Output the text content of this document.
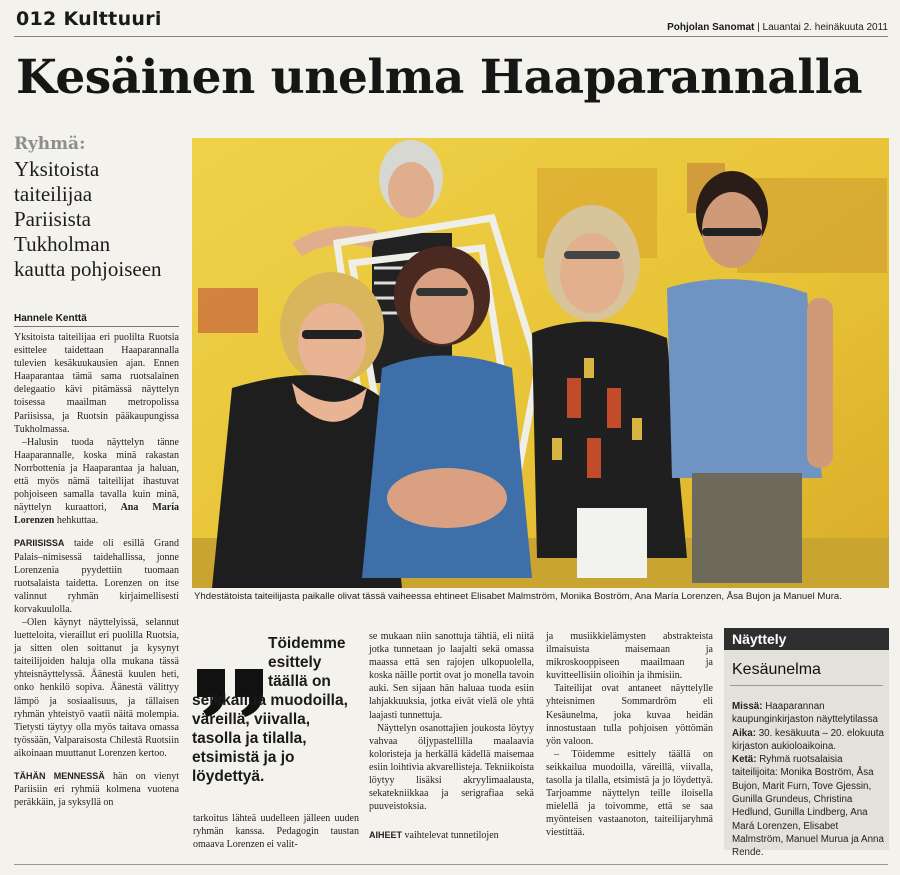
012 Kulttuuri	Pohjolan Sanomat | Lauantai 2. heinäkuuta 2011
Kesäinen unelma Haaparannalla
Ryhmä:
Yksitoista
taiteilijaa
Pariisista
Tukholman
kautta pohjoiseen
Hannele Kenttä

Yksitoista taiteilijaa eri puolilta Ruotsia esittelee taidettaan Haaparannalla tulevien kesäkuukausien ajan. Ennen Haaparantaa tämä sama ruotsalainen delegaatio kävi pitämässä näyttelyn toisessa maailman metropolissa Pariisissa, ja Ruotsin pääkaupungissa Tukholmassa.

–Halusin tuoda näyttelyn tänne Haaparannalle, koska minä rakastan Norrbottenia ja Haaparantaa ja haluan, että myös nämä taiteilijat ihastuvat pohjoiseen samalla tavalla kuin minä, näyttelyn kuraattori, Ana María Lorenzen hehkuttaa.

PARIISISSA taide oli esillä Grand Palais–nimisessä taidehallissa, jonne Lorenzenia pyydettiin tuomaan ruotsalaista taidetta. Lorenzen on itse valinnut ryhmän kirjaimellisesti korvakuulolla.

–Olen käynyt näyttelyissä, selannut luetteloita, vieraillut eri puolilla Ruotsia, ja sitten olen soittanut ja kysynyt taiteilijoiden haluja olla mukana tässä yhteisnäyttelyssä. Äänestä kuulen heti, onko henkilö sopiva. Äänestä välittyy lämpö ja sosiaalisuus, ja tällaisen ryhmän yhteistyö vaatii näitä molempia. Tietysti täytyy olla myös taitava omassa työssään, Valparaisosta Chilestä Ruotsiin aikoinaan muuttanut Lorenzen kertoo.

TÄHÄN MENNESSÄ hän on vienyt Pariisiin eri ryhmiä kolmena vuotena peräkkäin, ja syksyllä on

Yhdestätoista taiteilijasta paikalle olivat tässä vaiheessa ehtineet Elisabet Malmström, Monika Boström, Ana María Lorenzen, Åsa Bujon ja Manuel Mura.
Töidemme esittely täällä on
seikkailua muodoilla, väreillä, viivalla, tasolla ja tilalla, etsimistä ja jo löydettyä.

tarkoitus lähteä uudelleen jälleen uuden ryhmän kanssa. Pedagogin taustan omaava Lorenzen ei valit-

se mukaan niin sanottuja tähtiä, eli niitä jotka tunnetaan jo laajalti sekä omassa maassa että sen rajojen ulkopuolella, koska näille portit ovat jo monella tavoin auki. Sen sijaan hän haluaa tuoda esiin lahjakkuuksia, jotka eivät vielä ole yhtä laajasti tunnettuja.

Näyttelyn osanottajien joukosta löytyy vahvaa öljypastellilla maalaavia koloristeja ja herkällä kädellä maisemaa esiin loihtivia akvarellisteja. Tekniikoista löytyy lisäksi akryylimaalausta, sekatekniikkaa ja serigrafiaa sekä puuveistoksia.

AIHEET vaihtelevat tunnetilojen

ja musiikkielämysten abstrakteista ilmaisuista maisemaan ja mikroskooppiseen maailmaan ja kuvitteellisiin olioihin ja ihmisiin.

Taiteilijat ovat antaneet näyttelylle yhteisnimen Sommardröm eli Kesäunelma, joka kuvaa heidän innostustaan tulla pohjoisen yöttömän yön valoon.

– Töidemme esittely täällä on seikkailua muodoilla, väreillä, viivalla, tasolla ja tilalla, etsimistä ja jo löydettyä. Tarjoamme näyttelyn teille iloisella mielellä ja toivomme, että se saa myönteisen vastaanoton, taiteilijaryhmä viestittää.

Näyttely
Kesäunelma
Missä: Haaparannan kaupunginkirjaston näyttelytilassa
Aika: 30. kesäkuuta – 20. elokuuta kirjaston aukioloaikoina.
Ketä: Ryhmä ruotsalaisia taiteilijoita: Monika Boström, Åsa Bujon, Marit Furn, Tove Gjessin, Gunilla Grundeus, Christina Hedlund, Gunilla Lindberg, Ana Mará Lorenzen, Elisabet Malmström, Manuel Murua ja Anna Rende.
